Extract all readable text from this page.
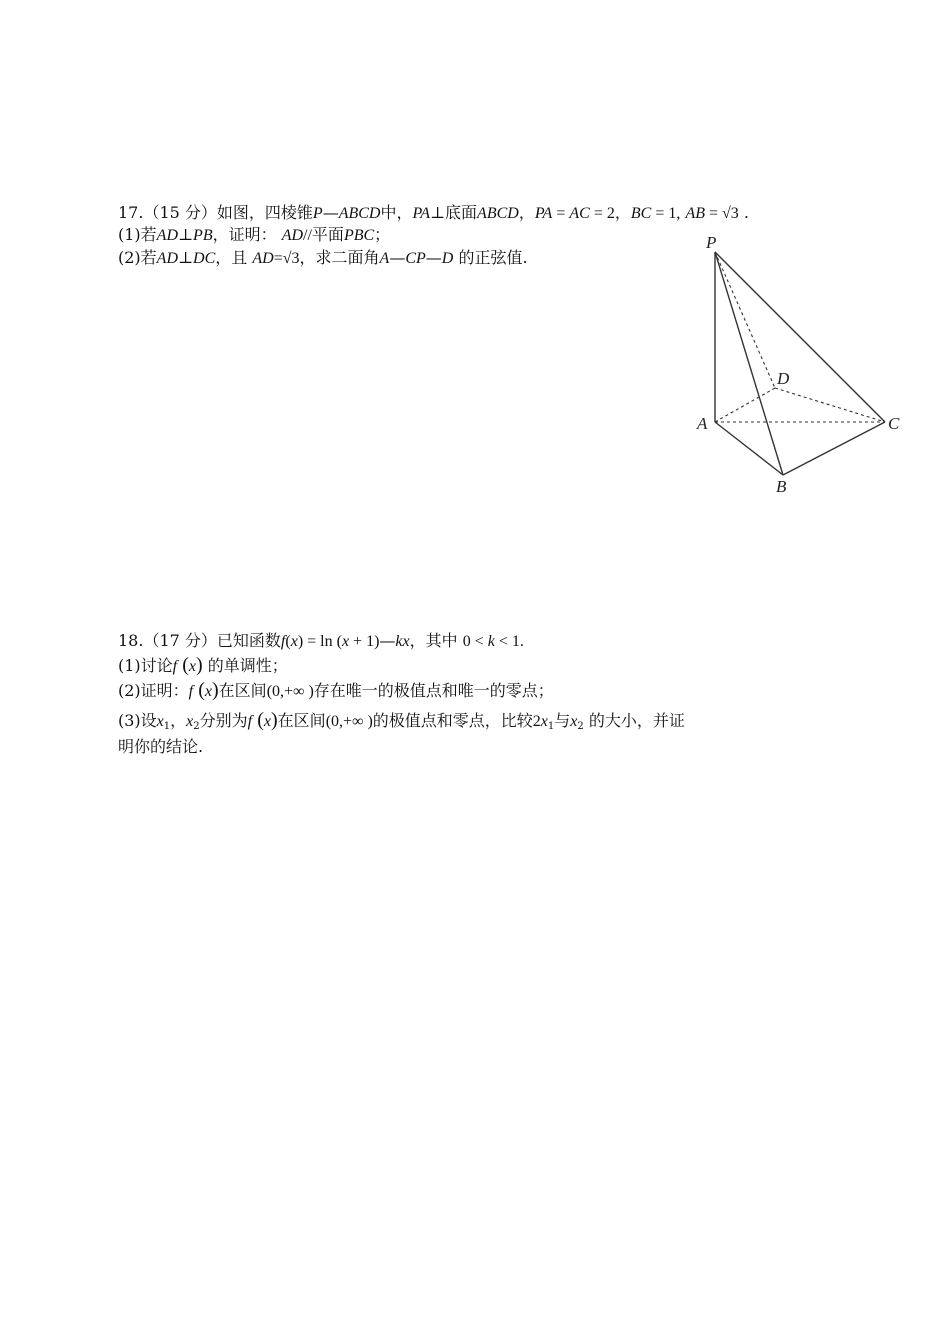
17.（15 分）如图，四棱锥P—ABCD中，PA⊥底面ABCD，PA = AC = 2，BC = 1, AB = √3 .
(1)若AD⊥PB，证明： AD//平面PBC；
(2)若AD⊥DC，且 AD=√3，求二面角A—CP—D 的正弦值.
P
D
A	C
B
18.（17 分）已知函数f(x) = ln (x + 1)—kx，其中 0 < k < 1.
(1)讨论f (x) 的单调性；
(2)证明：f (x)在区间(0,+∞ )存在唯一的极值点和唯一的零点；
(3)设$x_1$，$x_2$分别为f (x)在区间(0,+∞ )的极值点和零点，比较$2x_1$与$x_2$ 的大小，并证
明你的结论.
